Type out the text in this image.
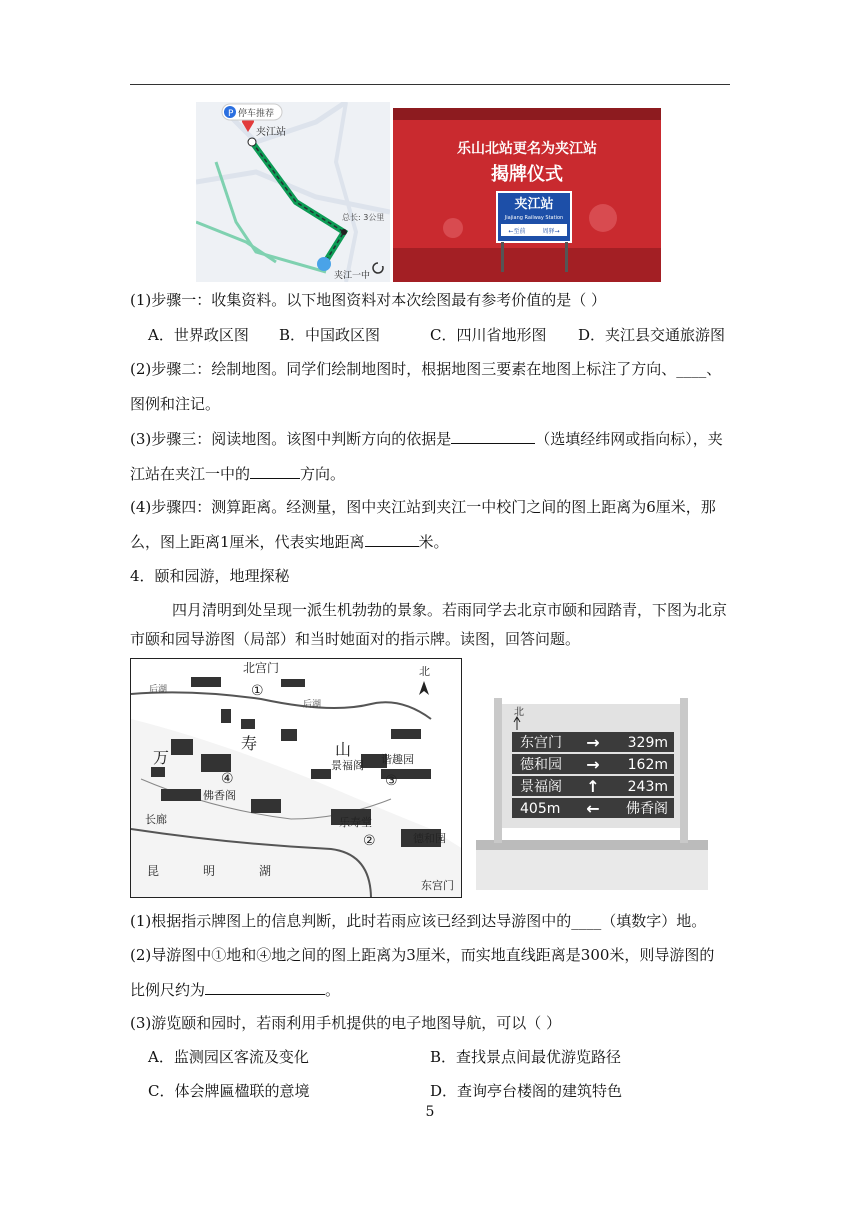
P 停车推荐
夹江站
总长: 3公里
夹江一中
乐山北站更名为夹江站
揭牌仪式
夹江站
Jiajiang Railway Station
←至前	周驿→
(1)步骤一：收集资料。以下地图资料对本次绘图最有参考价值的是（ ）
A．世界政区图 B．中国政区图	C．四川省地形图 D．夹江县交通旅游图
(2)步骤二：绘制地图。同学们绘制地图时，根据地图三要素在地图上标注了方向、____、
图例和注记。
(3)步骤三：阅读地图。该图中判断方向的依据是	（选填经纬网或指向标），夹
江站在夹江一中的	方向。
(4)步骤四：测算距离。经测量，图中夹江站到夹江一中校门之间的图上距离为6厘米，那
么，图上距离1厘米，代表实地距离	米。
4．颐和园游，地理探秘
四月清明到处呈现一派生机勃勃的景象。若雨同学去北京市颐和园踏青，下图为北京
市颐和园导游图（局部）和当时她面对的指示牌。读图，回答问题。
北宫门
后湖
后湖
万
寿	山
景福阁 谐趣园
佛香阁
长廊	乐寿堂
德和园
东宫门
昆	明	湖
①
②
③
④
北
北
东宫门 → 329m
德和园 → 162m
景福阁 ↑ 243m
405m ← 佛香阁
(1)根据指示牌图上的信息判断，此时若雨应该已经到达导游图中的____（填数字）地。
(2)导游图中①地和④地之间的图上距离为3厘米，而实地直线距离是300米，则导游图的
比例尺约为	。
(3)游览颐和园时，若雨利用手机提供的电子地图导航，可以（ ）
A．监测园区客流及变化	B．查找景点间最优游览路径
C．体会牌匾楹联的意境	D．查询亭台楼阁的建筑特色
5
